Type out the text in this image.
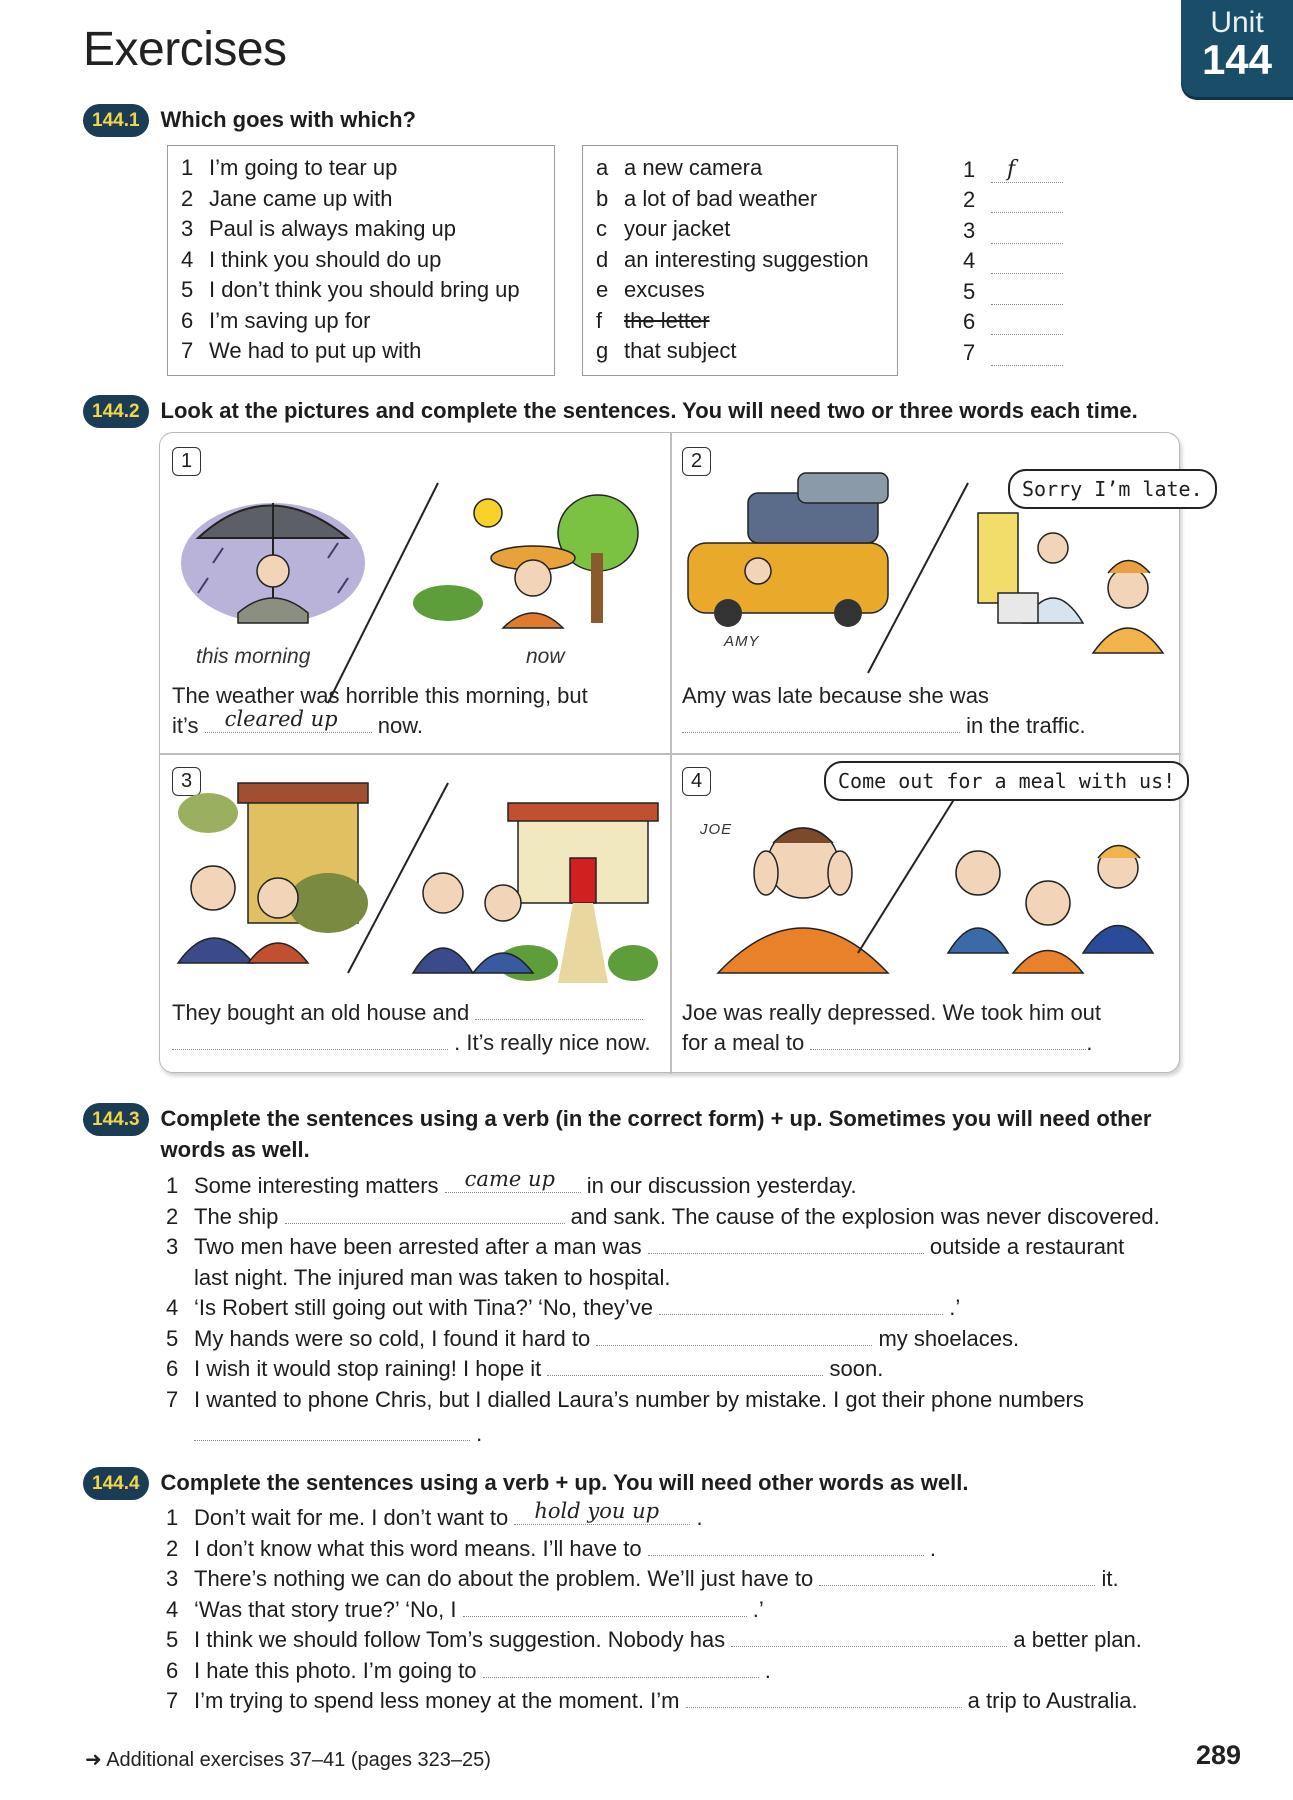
Exercises
Unit
144
144.1 Which goes with which?
1 I’m going to tear up
2 Jane came up with
3 Paul is always making up
4 I think you should do up
5 I don’t think you should bring up
6 I’m saving up for
7 We had to put up with
a a new camera
b a lot of bad weather
c your jacket
d an interesting suggestion
e excuses
f the letter
g that subject
1	f
2
3
4
5
6
7
144.2 Look at the pictures and complete the sentences. You will need two or three words each time.
1
this morning	now
The weather was horrible this morning, but
it’s cleared up now.
2
AMY
Sorry I’m late.
Amy was late because she was
in the traffic.
3
They bought an old house and
. It’s really nice now.
4
JOE
Come out for a meal with us!
Joe was really depressed. We took him out
for a meal to	.
144.3 Complete the sentences using a verb (in the correct form) + up. Sometimes you will need other
words as well.
1 Some interesting matters came up in our discussion yesterday.
2 The ship	and sank. The cause of the explosion was never discovered.
3 Two men have been arrested after a man was	outside a restaurant
last night. The injured man was taken to hospital.
4 ‘Is Robert still going out with Tina?’ ‘No, they’ve	.’
5 My hands were so cold, I found it hard to	my shoelaces.
6 I wish it would stop raining! I hope it	soon.
7 I wanted to phone Chris, but I dialled Laura’s number by mistake. I got their phone numbers
.
144.4 Complete the sentences using a verb + up. You will need other words as well.
1 Don’t wait for me. I don’t want to hold you up .
2 I don’t know what this word means. I’ll have to	.
3 There’s nothing we can do about the problem. We’ll just have to	it.
4 ‘Was that story true?’ ‘No, I	.’
5 I think we should follow Tom’s suggestion. Nobody has	a better plan.
6 I hate this photo. I’m going to	.
7 I’m trying to spend less money at the moment. I’m	a trip to Australia.
➜ Additional exercises 37–41 (pages 323–25)	289
